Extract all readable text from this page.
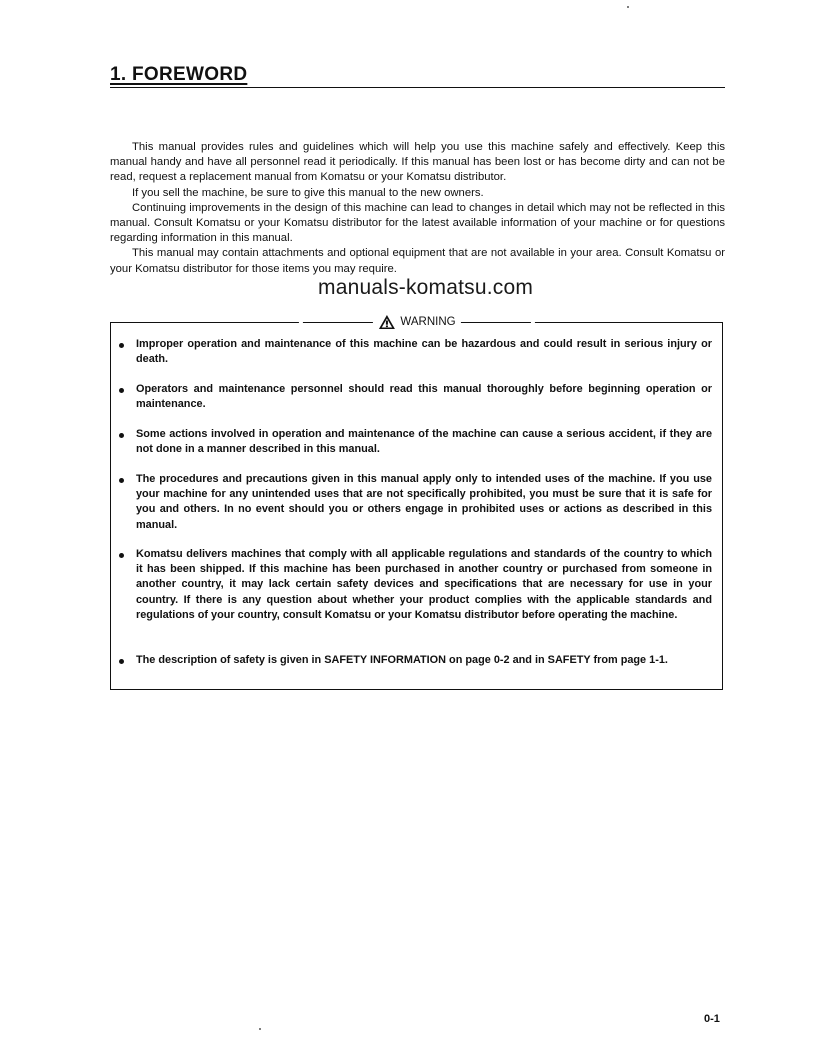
1. FOREWORD

This manual provides rules and guidelines which will help you use this machine safely and effectively. Keep this manual handy and have all personnel read it periodically. If this manual has been lost or has become dirty and can not be read, request a replacement manual from Komatsu or your Komatsu distributor.

If you sell the machine, be sure to give this manual to the new owners.

Continuing improvements in the design of this machine can lead to changes in detail which may not be reflected in this manual. Consult Komatsu or your Komatsu distributor for the latest available information of your machine or for questions regarding information in this manual.

This manual may contain attachments and optional equipment that are not available in your area. Consult Komatsu or your Komatsu distributor for those items you may require.

manuals-komatsu.com
WARNING
Improper operation and maintenance of this machine can be hazardous and could result in serious injury or death.
Operators and maintenance personnel should read this manual thoroughly before beginning operation or maintenance.
Some actions involved in operation and maintenance of the machine can cause a serious accident, if they are not done in a manner described in this manual.
The procedures and precautions given in this manual apply only to intended uses of the machine. If you use your machine for any unintended uses that are not specifically prohibited, you must be sure that it is safe for you and others. In no event should you or others engage in prohibited uses or actions as described in this manual.
Komatsu delivers machines that comply with all applicable regulations and standards of the country to which it has been shipped. If this machine has been purchased in another country or purchased from someone in another country, it may lack certain safety devices and specifications that are necessary for use in your country. If there is any question about whether your product complies with the applicable standards and regulations of your country, consult Komatsu or your Komatsu distributor before operating the machine.
The description of safety is given in SAFETY INFORMATION on page 0-2 and in SAFETY from page 1-1.
0-1
